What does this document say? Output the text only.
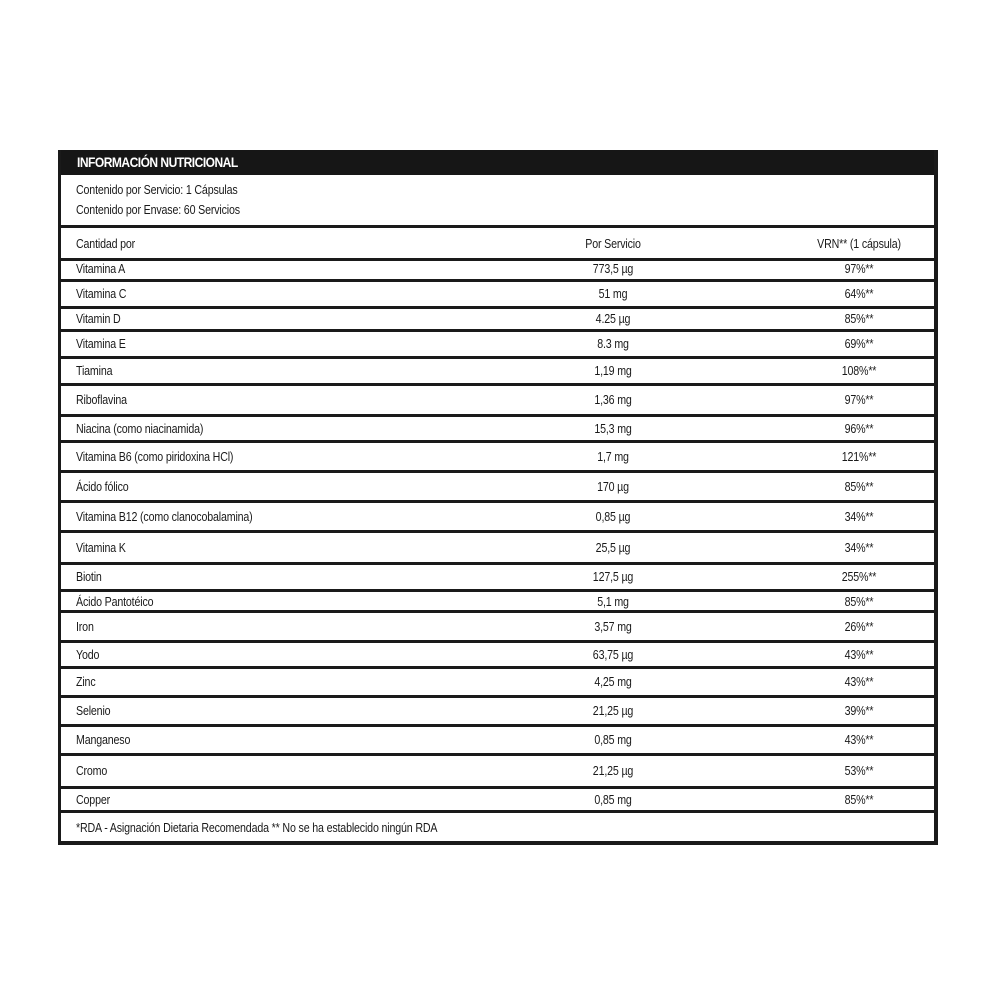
INFORMACIÓN NUTRICIONAL
Contenido por Servicio: 1 Cápsulas
Contenido por Envase: 60 Servicios
Cantidad por	Por Servicio	VRN** (1 cápsula)
Vitamina A	773,5 µg	97%**
Vitamina C	51 mg	64%**
Vitamin D	4.25 µg	85%**
Vitamina E	8.3 mg	69%**
Tiamina	1,19 mg	108%**
Riboflavina	1,36 mg	97%**
Niacina (como niacinamida)	15,3 mg	96%**
Vitamina B6 (como piridoxina HCl)	1,7 mg	121%**
Ácido fólico	170 µg	85%**
Vitamina B12 (como clanocobalamina)	0,85 µg	34%**
Vitamina K	25,5 µg	34%**
Biotin	127,5 µg	255%**
Ácido Pantotéico	5,1 mg	85%**
Iron	3,57 mg	26%**
Yodo	63,75 µg	43%**
Zinc	4,25 mg	43%**
Selenio	21,25 µg	39%**
Manganeso	0,85 mg	43%**
Cromo	21,25 µg	53%**
Copper	0,85 mg	85%**
*RDA - Asignación Dietaria Recomendada ** No se ha establecido ningún RDA
